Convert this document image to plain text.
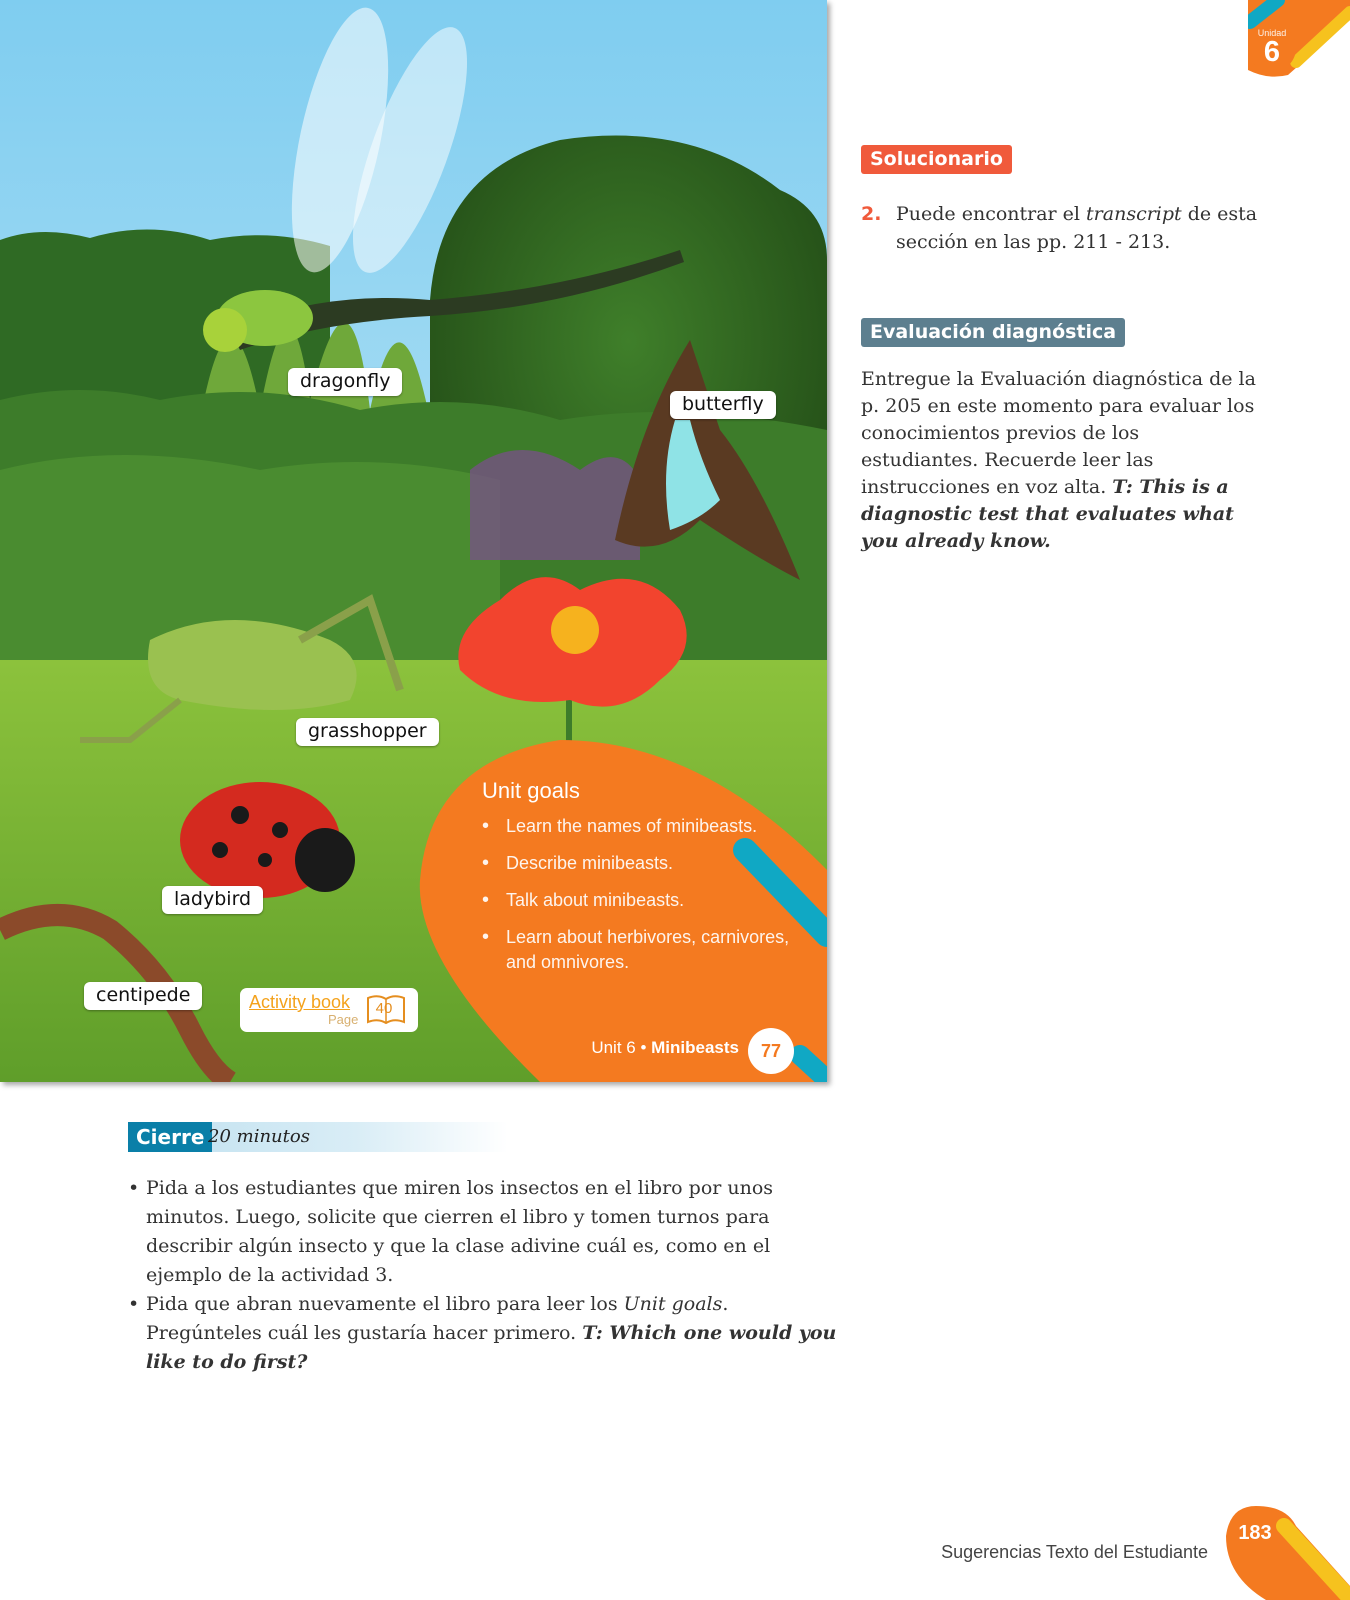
dragonfly
butterfly
grasshopper
ladybird
centipede
Unit goals
• Learn the names of minibeasts.
• Describe minibeasts.
• Talk about minibeasts.
• Learn about herbivores, carnivores, and omnivores.
Activity book
Page
40
Unit 6 • Minibeasts	77
Unidad
6
Solucionario
2. Puede encontrar el transcript de esta sección en las pp. 211 - 213.
Evaluación diagnóstica
Entregue la Evaluación diagnóstica de la p. 205 en este momento para evaluar los conocimientos previos de los estudiantes. Recuerde leer las instrucciones en voz alta. T: This is a diagnostic test that evaluates what you already know.
Cierre 20 minutos
• Pida a los estudiantes que miren los insectos en el libro por unos minutos. Luego, solicite que cierren el libro y tomen turnos para describir algún insecto y que la clase adivine cuál es, como en el ejemplo de la actividad 3.
• Pida que abran nuevamente el libro para leer los Unit goals. Pregúnteles cuál les gustaría hacer primero. T: Which one would you like to do first?
Sugerencias Texto del Estudiante
183
